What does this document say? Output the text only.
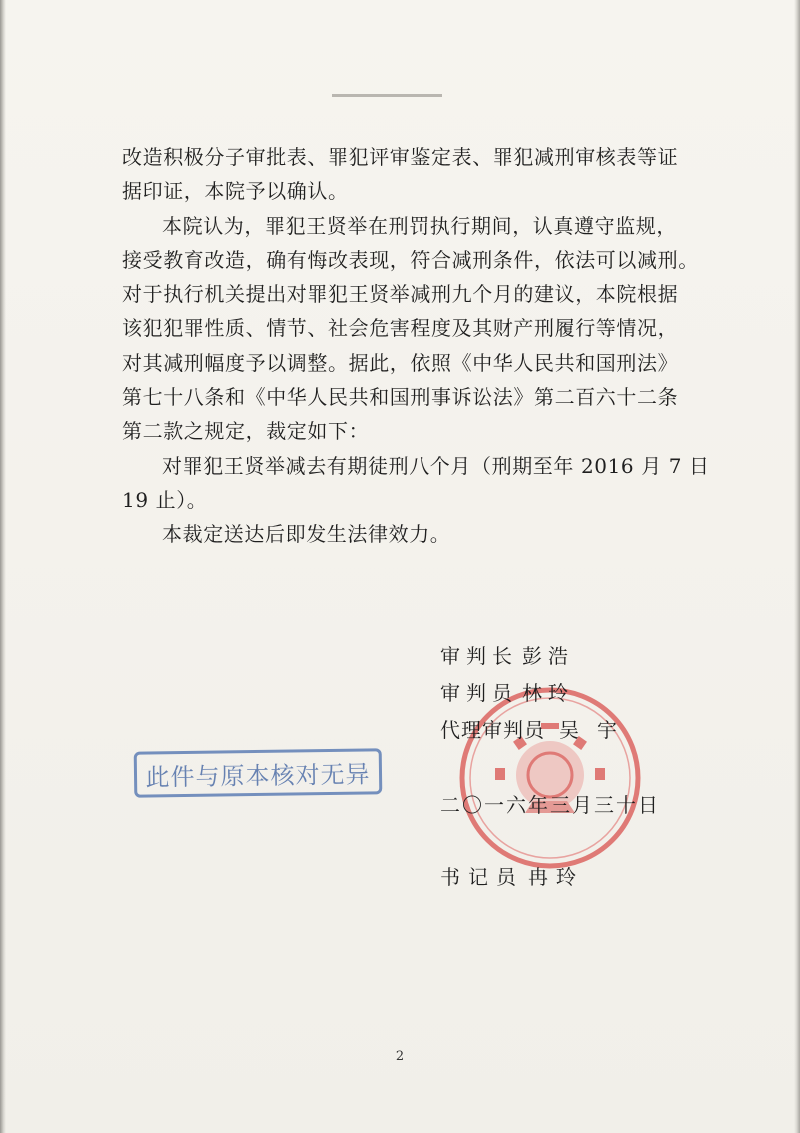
改造积极分子审批表、罪犯评审鉴定表、罪犯减刑审核表等证
据印证，本院予以确认。

本院认为，罪犯王贤举在刑罚执行期间，认真遵守监规，
接受教育改造，确有悔改表现，符合减刑条件，依法可以减刑。
对于执行机关提出对罪犯王贤举减刑九个月的建议，本院根据
该犯犯罪性质、情节、社会危害程度及其财产刑履行等情况，
对其减刑幅度予以调整。据此，依照《中华人民共和国刑法》
第七十八条和《中华人民共和国刑事诉讼法》第二百六十二条
第二款之规定，裁定如下：

对罪犯王贤举减去有期徒刑八个月（刑期至年 2016 月 7 日
19 止）。

本裁定送达后即发生法律效力。

审判长 彭浩
审判员 林玲
代理审判员 吴宇
此件与原本核对无异
二〇一六年三月三十日
书记员 冉玲
2
